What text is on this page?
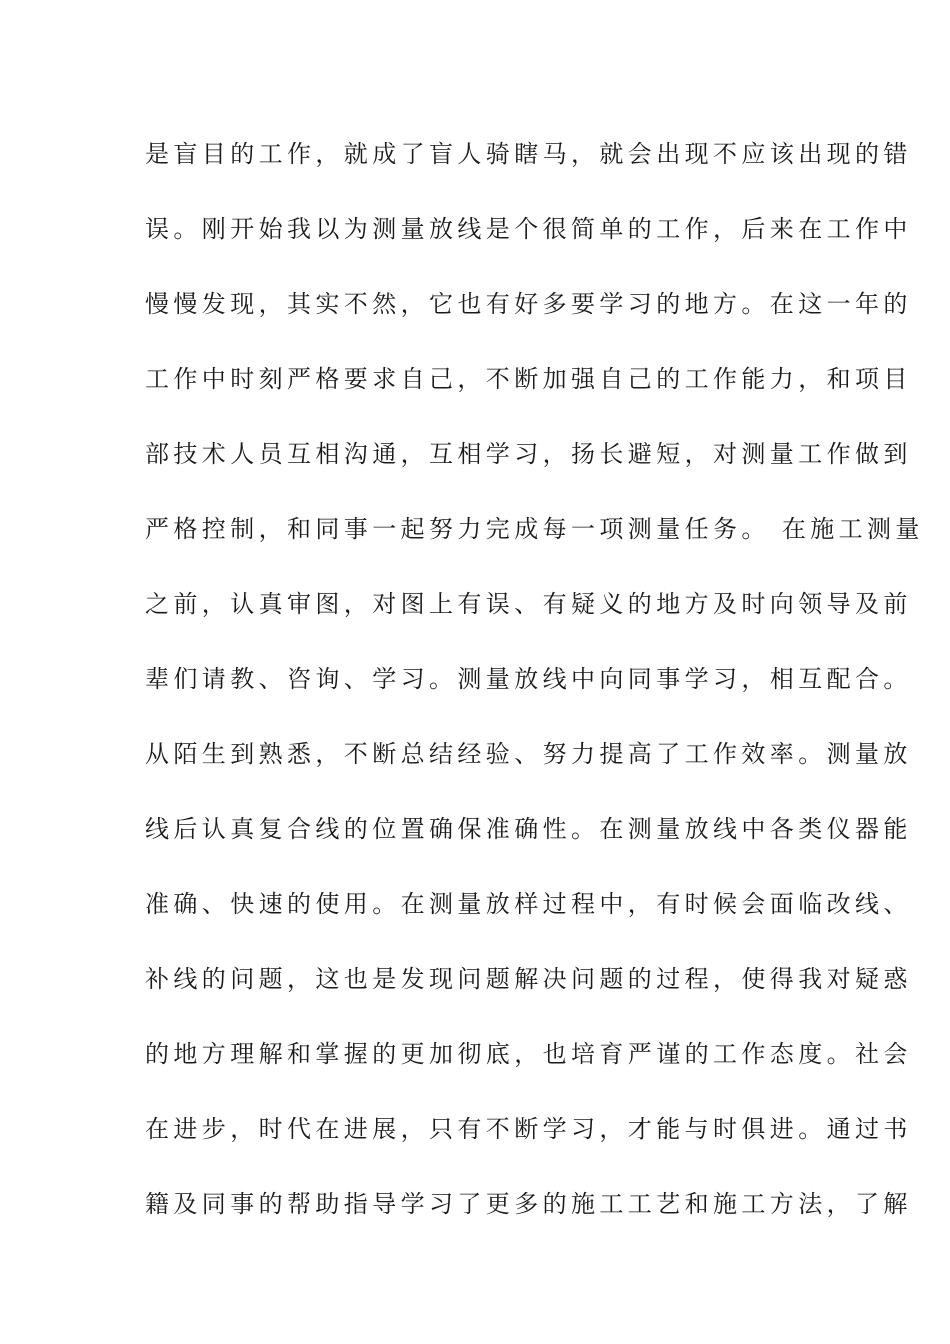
是盲目的工作，就成了盲人骑瞎马，就会出现不应该出现的错
误。刚开始我以为测量放线是个很简单的工作，后来在工作中
慢慢发现，其实不然，它也有好多要学习的地方。在这一年的
工作中时刻严格要求自己，不断加强自己的工作能力，和项目
部技术人员互相沟通，互相学习，扬长避短，对测量工作做到
严格控制，和同事一起努力完成每一项测量任务。 在施工测量
之前，认真审图，对图上有误、有疑义的地方及时向领导及前
辈们请教、咨询、学习。测量放线中向同事学习，相互配合。
从陌生到熟悉，不断总结经验、努力提高了工作效率。测量放
线后认真复合线的位置确保准确性。在测量放线中各类仪器能
准确、快速的使用。在测量放样过程中，有时候会面临改线、
补线的问题，这也是发现问题解决问题的过程，使得我对疑惑
的地方理解和掌握的更加彻底，也培育严谨的工作态度。社会
在进步，时代在进展，只有不断学习，才能与时俱进。通过书
籍及同事的帮助指导学习了更多的施工工艺和施工方法，了解
